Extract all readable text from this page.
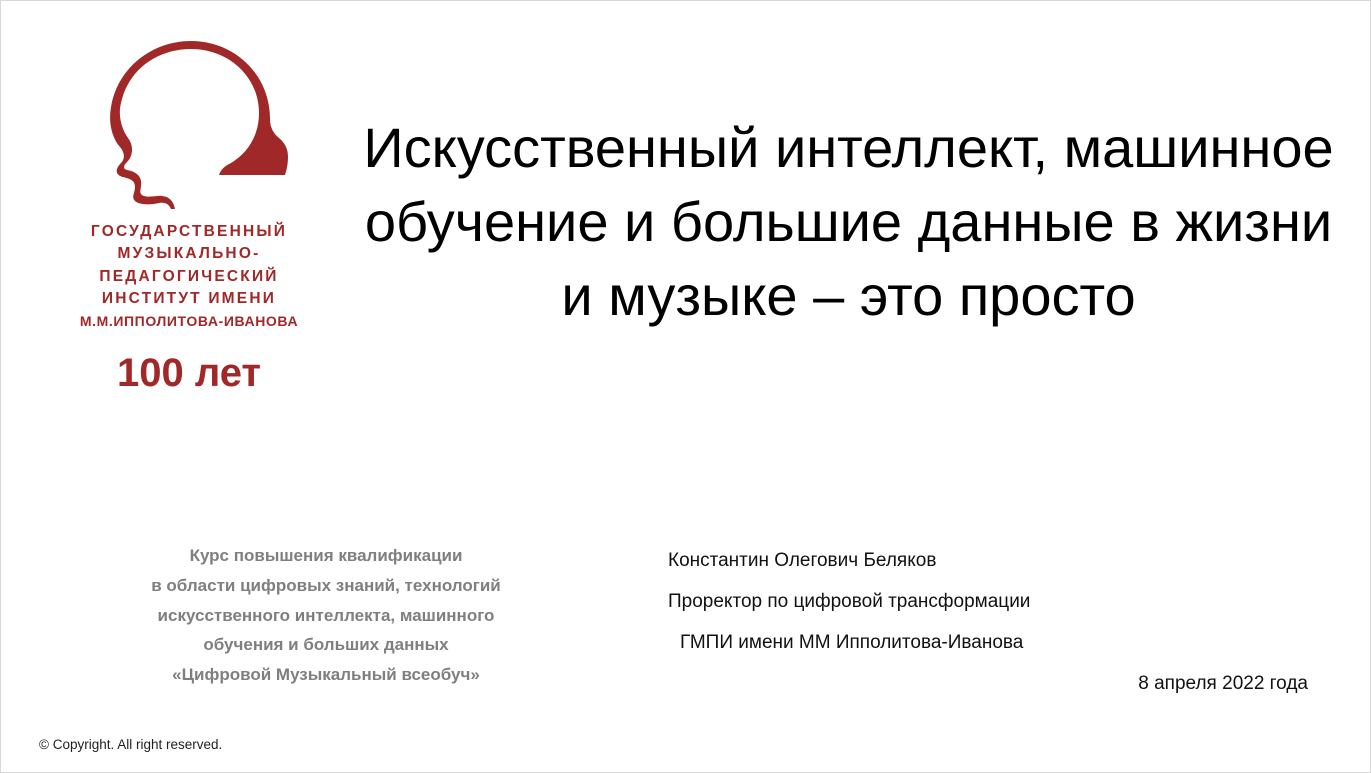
ГОСУДАРСТВЕННЫЙ
МУЗЫКАЛЬНО-
ПЕДАГОГИЧЕСКИЙ
ИНСТИТУТ ИМЕНИ
М.М.ИППОЛИТОВА-ИВАНОВА
100 лет
Искусственный интеллект, машинное обучение и большие данные в жизни и музыке – это просто
Курс повышения квалификации
в области цифровых знаний, технологий
искусственного интеллекта, машинного
обучения и больших данных
«Цифровой Музыкальный всеобуч»
Константин Олегович Беляков
Проректор по цифровой трансформации
ГМПИ имени ММ Ипполитова-Иванова
8 апреля 2022 года
© Copyright. All right reserved.
